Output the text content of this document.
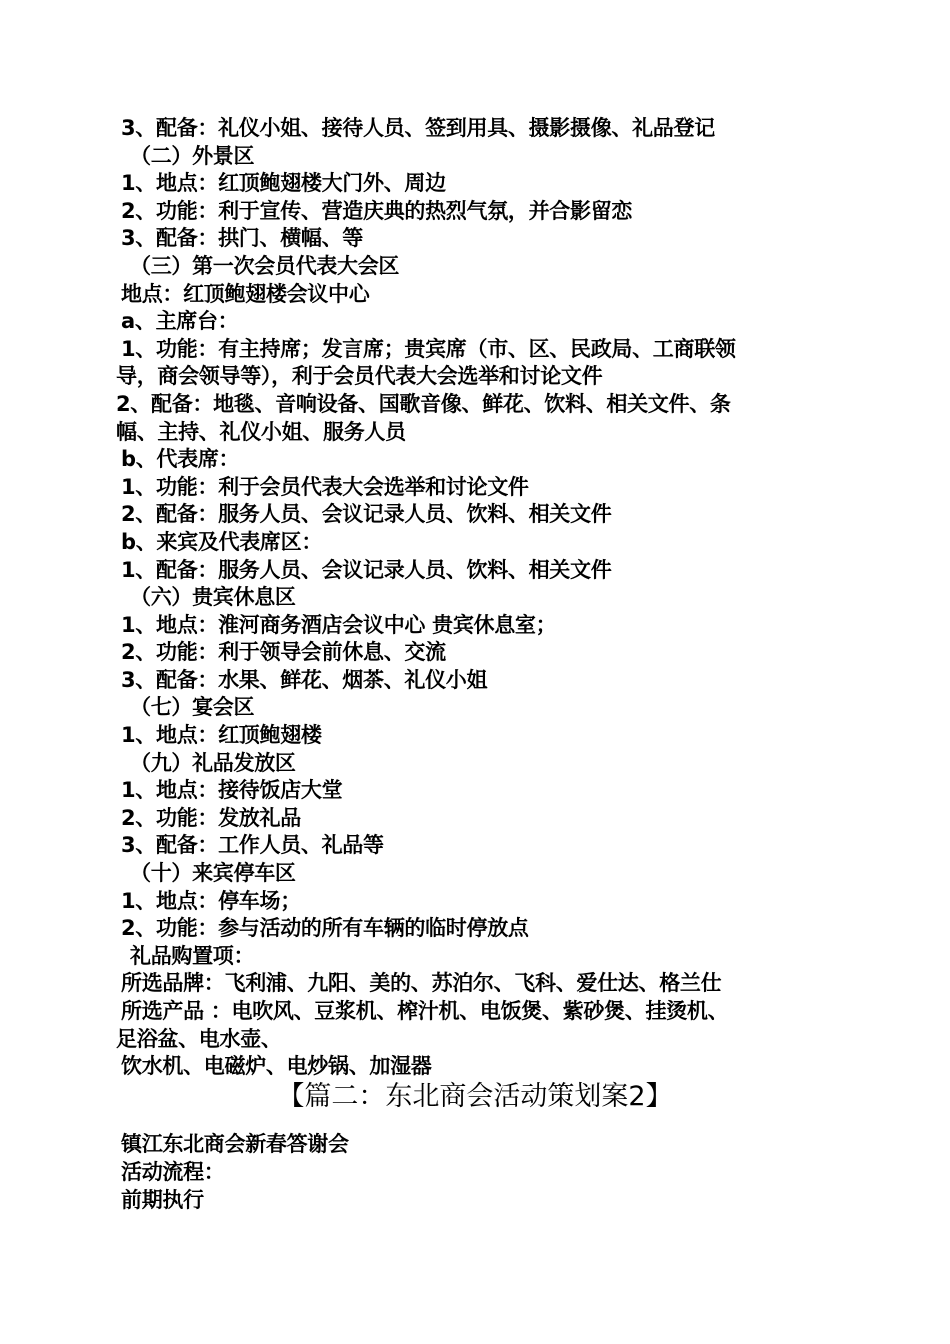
3、配备：礼仪小姐、接待人员、签到用具、摄影摄像、礼品登记
（二）外景区
1、地点：红顶鲍翅楼大门外、周边
2、功能：利于宣传、营造庆典的热烈气氛，并合影留恋
3、配备：拱门、横幅、等
（三）第一次会员代表大会区
地点：红顶鲍翅楼会议中心
a、主席台：
1、功能：有主持席；发言席；贵宾席（市、区、民政局、工商联领
导，商会领导等），利于会员代表大会选举和讨论文件
2、配备：地毯、音响设备、国歌音像、鲜花、饮料、相关文件、条
幅、主持、礼仪小姐、服务人员
b、代表席：
1、功能：利于会员代表大会选举和讨论文件
2、配备：服务人员、会议记录人员、饮料、相关文件
b、来宾及代表席区：
1、配备：服务人员、会议记录人员、饮料、相关文件
（六）贵宾休息区
1、地点：淮河商务酒店会议中心 贵宾休息室；
2、功能：利于领导会前休息、交流
3、配备：水果、鲜花、烟茶、礼仪小姐
（七）宴会区
1、地点：红顶鲍翅楼
（九）礼品发放区
1、地点：接待饭店大堂
2、功能：发放礼品
3、配备：工作人员、礼品等
（十）来宾停车区
1、地点：停车场；
2、功能：参与活动的所有车辆的临时停放点
礼品购置项：
所选品牌：飞利浦、九阳、美的、苏泊尔、飞科、爱仕达、格兰仕
所选产品 ：电吹风、豆浆机、榨汁机、电饭煲、紫砂煲、挂烫机、
足浴盆、电水壶、
饮水机、电磁炉、电炒锅、加湿器
【篇二：东北商会活动策划案2】
镇江东北商会新春答谢会
活动流程：
前期执行
